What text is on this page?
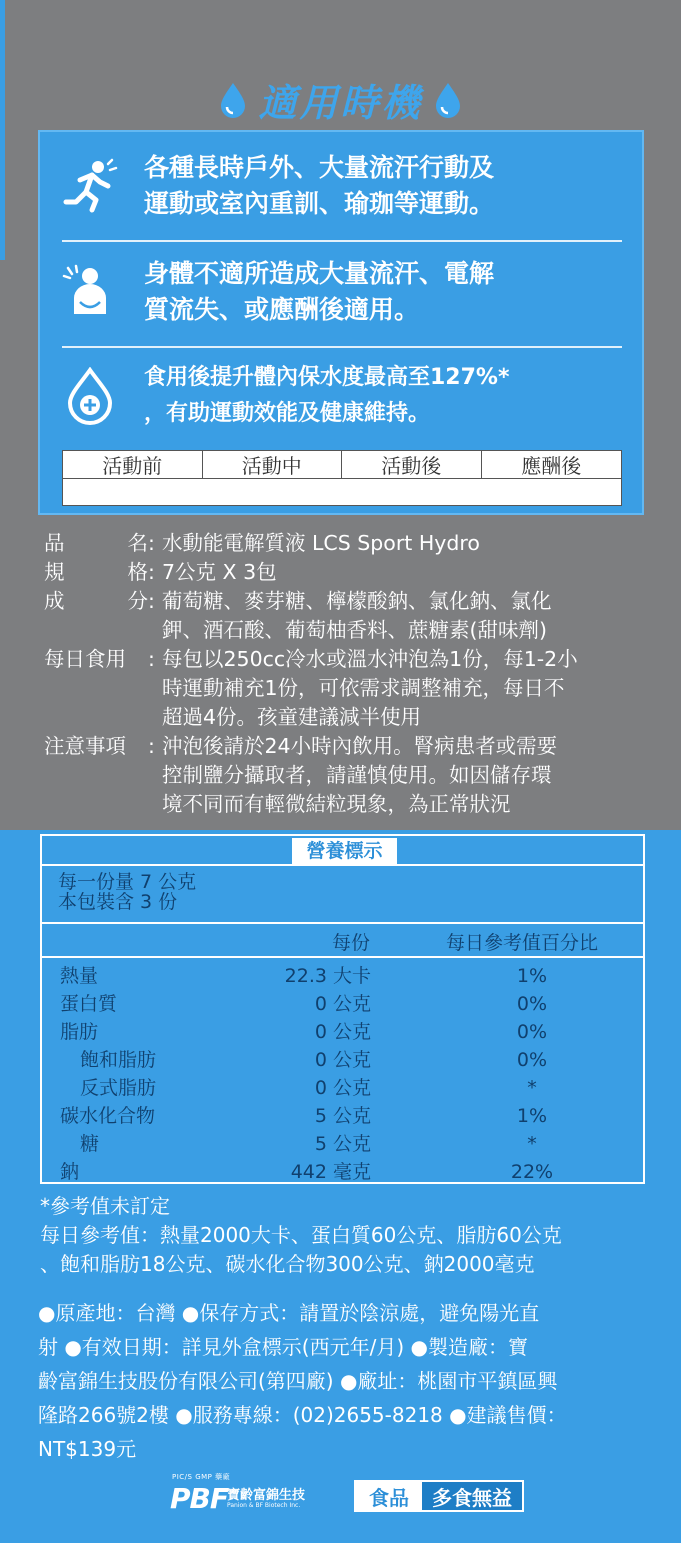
適用時機
各種長時戶外、大量流汗行動及
運動或室內重訓、瑜珈等運動。
身體不適所造成大量流汗、電解
質流失、或應酬後適用。
食用後提升體內保水度最高至127%*
，有助運動效能及健康維持。
活動前	活動中	活動後	應酬後
品	名 : 水動能電解質液 LCS Sport Hydro
規	格 : 7公克 X 3包
成	分 : 葡萄糖、麥芽糖、檸檬酸鈉、氯化鈉、氯化
鉀、酒石酸、葡萄柚香料、蔗糖素(甜味劑)
每日食用	: 每包以250cc冷水或溫水沖泡為1份，每1-2小
時運動補充1份，可依需求調整補充，每日不
超過4份。孩童建議減半使用
注意事項	: 沖泡後請於24小時內飲用。腎病患者或需要
控制鹽分攝取者，請謹慎使用。如因儲存環
境不同而有輕微結粒現象，為正常狀況
營養標示
每一份量 7 公克
本包裝含 3 份
每份	每日參考值百分比
熱量	22.3 大卡	1%
蛋白質	0 公克	0%
脂肪	0 公克	0%
飽和脂肪	0 公克	0%
反式脂肪	0 公克	*
碳水化合物	5 公克	1%
糖	5 公克	*
鈉	442 毫克	22%
*參考值未訂定
每日參考值：熱量2000大卡、蛋白質60公克、脂肪60公克
、飽和脂肪18公克、碳水化合物300公克、鈉2000毫克
●原產地：台灣 ●保存方式：請置於陰涼處，避免陽光直
射 ●有效日期：詳見外盒標示(西元年/月) ●製造廠：寶
齡富錦生技股份有限公司(第四廠) ●廠址：桃園市平鎮區興
隆路266號2樓 ●服務專線：(02)2655-8218 ●建議售價：
NT$139元
PIC/S GMP 藥廠
PBF 寶齡富錦生技
Panion & BF Biotech Inc.	食品	多食無益
